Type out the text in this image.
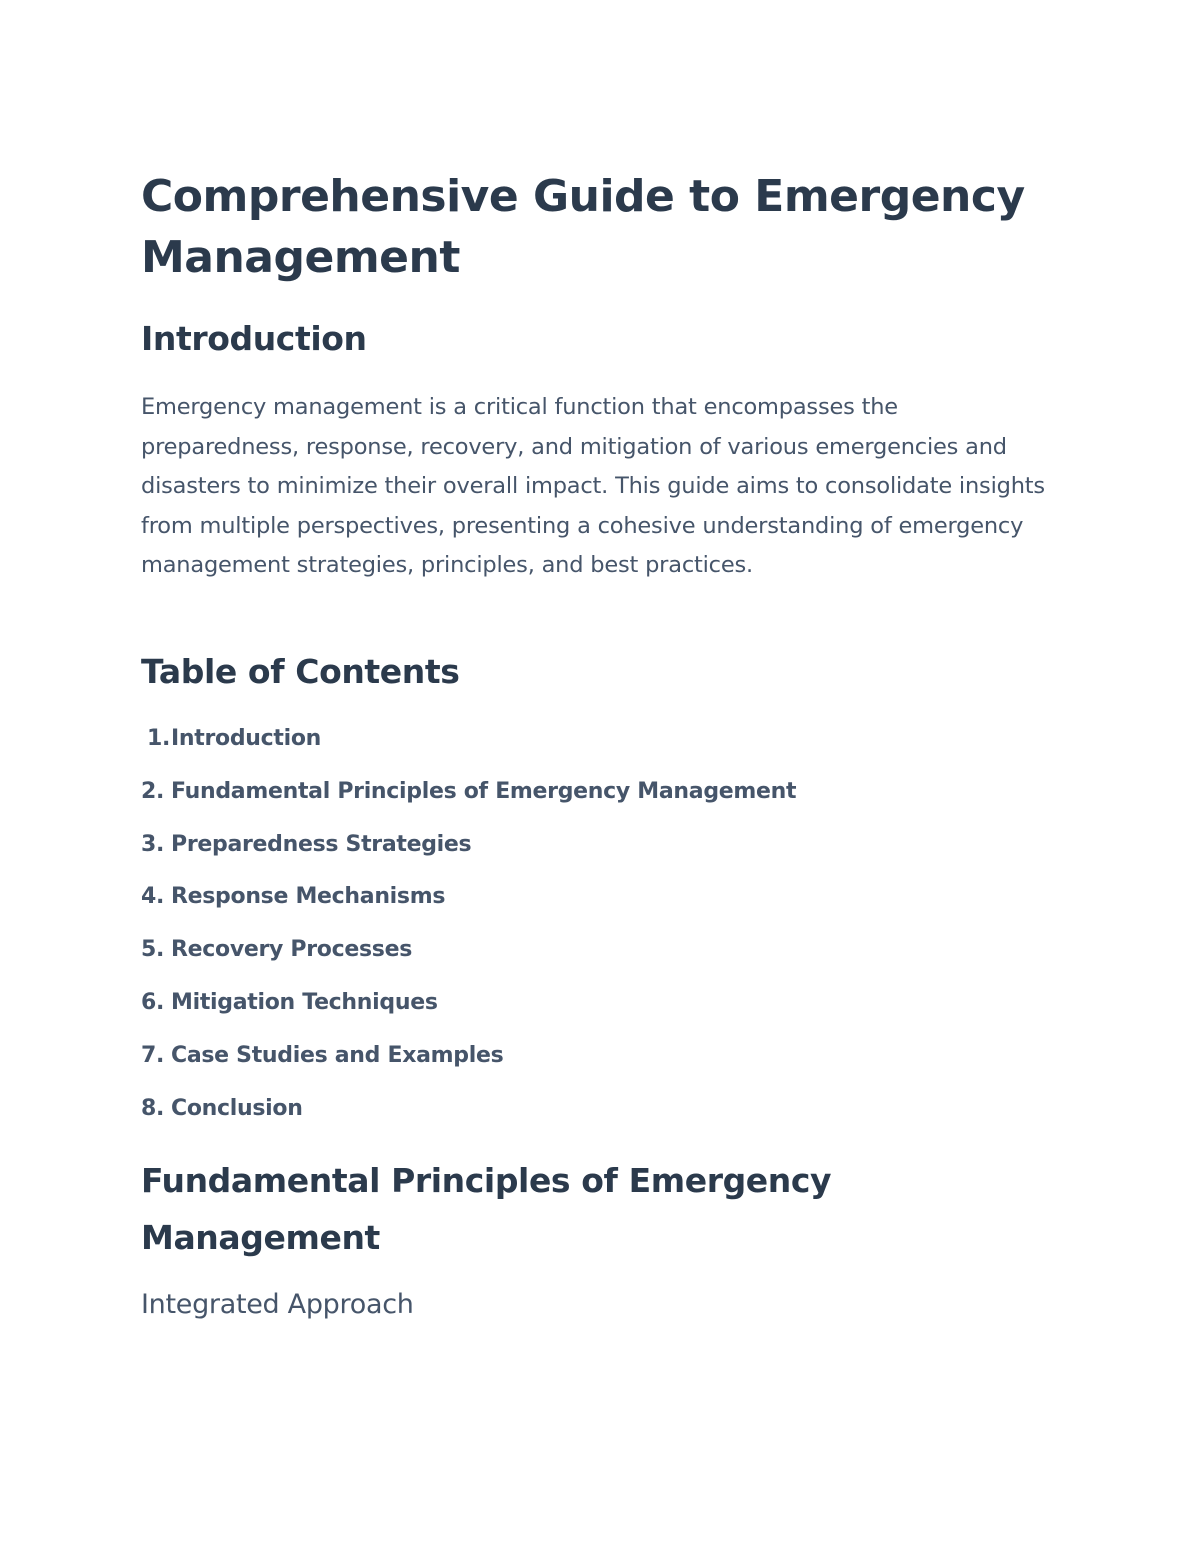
Comprehensive Guide to Emergency Management
Introduction

Emergency management is a critical function that encompasses the preparedness, response, recovery, and mitigation of various emergencies and disasters to minimize their overall impact. This guide aims to consolidate insights from multiple perspectives, presenting a cohesive understanding of emergency management strategies, principles, and best practices.

Table of Contents
1.Introduction
2. Fundamental Principles of Emergency Management
3. Preparedness Strategies
4. Response Mechanisms
5. Recovery Processes
6. Mitigation Techniques
7. Case Studies and Examples
8. Conclusion
Fundamental Principles of Emergency Management
Integrated Approach
